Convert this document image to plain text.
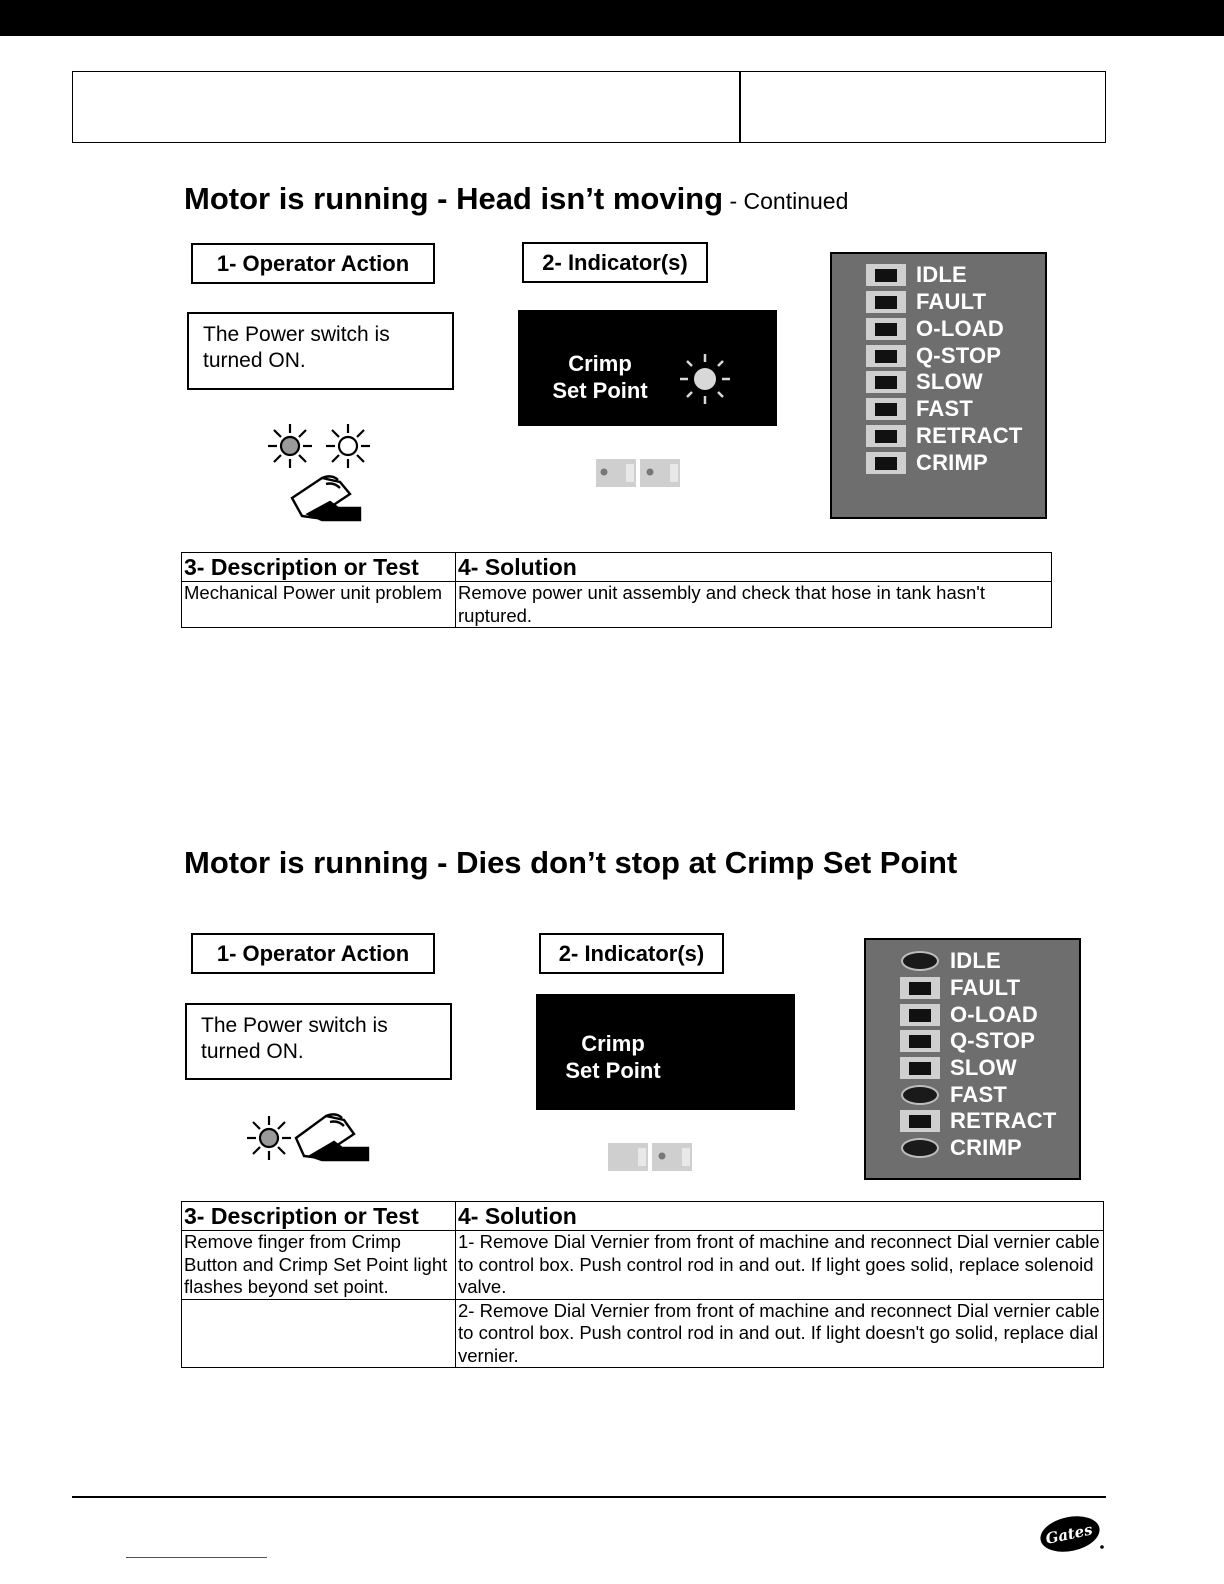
Motor is running - Head isn’t moving - Continued
1- Operator Action	2- Indicator(s)
The Power switch is
turned ON.	Crimp
Set Point
IDLE
FAULT
O-LOAD
Q-STOP
SLOW
FAST
RETRACT
CRIMP
3- Description or Test	4- Solution
Mechanical Power unit problem	Remove power unit assembly and check that hose in tank hasn't ruptured.
Motor is running - Dies don’t stop at Crimp Set Point
1- Operator Action	2- Indicator(s)
The Power switch is
turned ON.	Crimp
Set Point
IDLE
FAULT
O-LOAD
Q-STOP
SLOW
FAST
RETRACT
CRIMP
3- Description or Test	4- Solution
Remove finger from Crimp Button and Crimp Set Point light flashes beyond set point.	1- Remove Dial Vernier from front of machine and reconnect Dial vernier cable to control box. Push control rod in and out. If light goes solid, replace solenoid valve.
	2- Remove Dial Vernier from front of machine and reconnect Dial vernier cable to control box. Push control rod in and out. If light doesn't go solid, replace dial vernier.
Gates
